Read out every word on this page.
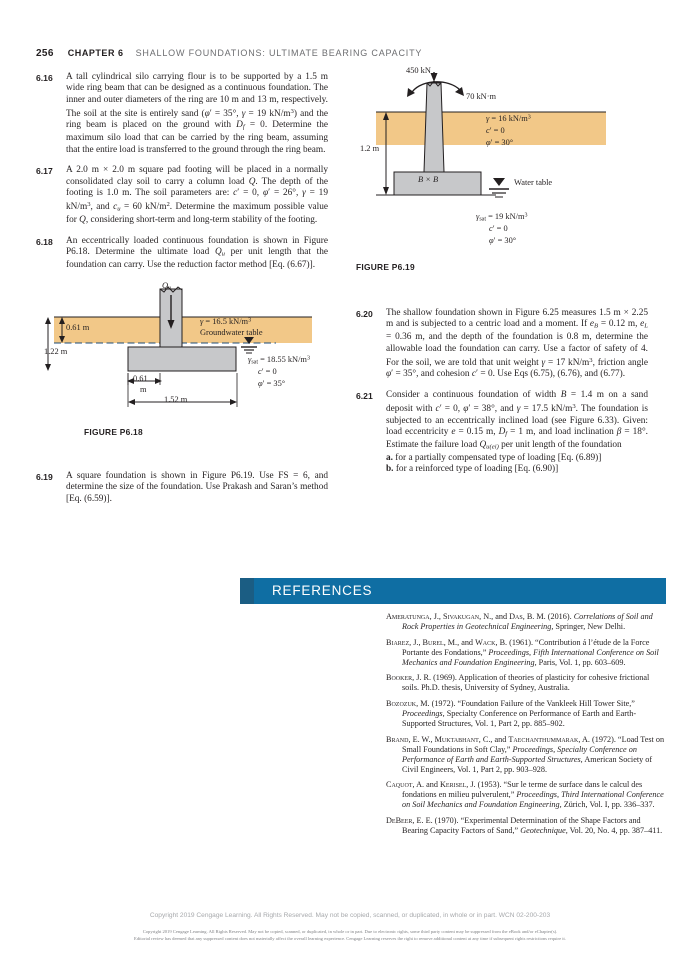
256 CHAPTER 6 SHALLOW FOUNDATIONS: ULTIMATE BEARING CAPACITY
6.16	A tall cylindrical silo carrying flour is to be supported by a 1.5 m wide ring beam that can be designed as a con​tinuous foundation. The inner and outer diameters of the ring are 10 m and 13 m, respectively. The soil at the site is entirely sand (φ′ = 35°, γ = 19 $kN/m^3$) and the ring beam is placed on the ground with $D_f = 0$. Determine the maximum silo load that can be carried by the ring beam, assuming that the entire load is transferred to the ground through the ring beam.
6.17	A 2.0 m × 2.0 m square pad footing will be placed in a nor​mally consolidated clay soil to carry a column load Q. The depth of the footing is 1.0 m. The soil parameters are: c′ = 0, φ′ = 26°, γ = 19 $kN/m^3$, and $c_u = 60$ $kN/m^2$. Determine the maximum possible value for Q, considering short-term and long-term stability of the footing.
6.18	An eccentrically loaded continuous foundation is shown in Figure P6.18. Determine the ultimate load $Q_u$ per unit length that the foundation can carry. Use the reduction factor method [Eq. (6.67)].
$Q_u$
0.61 m
1.22 m
0.61
m
1.52 m
γ = 16.5 $kN/m^3$
Groundwater table
$\gamma_{sat} = 18.55$ $kN/m^3$
c′ = 0
φ′ = 35°
FIGURE P6.18
6.19	A square foundation is shown in Figure P6.19. Use FS = 6, and determine the size of the foundation. Use Prakash and Saran’s method [Eq. (6.59)].
450 kN
70 kN·m
1.2 m
B × B	Water table
γ = 16 $kN/m^3$
c′ = 0
φ′ = 30°
$\gamma_{sat} = 19$ $kN/m^3$
c′ = 0
φ′ = 30°
FIGURE P6.19
6.20	The shallow foundation shown in Figure 6.25 measures 1.5 m × 2.25 m and is subjected to a centric load and a moment. If $e_B = 0.12$ m, $e_L = 0.36$ m, and the depth of the foundation is 0.8 m, determine the allowable load the founda​tion can carry. Use a factor of safety of 4. For the soil, we are told that unit weight γ = 17 $kN/m^3$, friction angle φ′ = 35°, and cohesion c′ = 0. Use Eqs (6.75), (6.76), and (6.77).
6.21	Consider a continuous foundation of width B = 1.4 m on a sand deposit with c′ = 0, φ′ = 38°, and γ = 17.5 $kN/m^3$. The foundation is subjected to an eccentrically inclined load (see Figure 6.33). Given: load eccentricity e = 0.15 m, $D_f = 1$ m, and load inclination β = 18°. Estimate the failure load $Q_{u(ei)}$ per unit length of the foundation
a. for a partially compensated type of loading [Eq. (6.89)]
b. for a reinforced type of loading [Eq. (6.90)]
REFERENCES
Ameratunga, J., Sivakugan, N., and Das, B. M. (2016). Correlations of Soil and Rock Properties in Geotechnical Engineering, Springer, New Delhi.
Biarez, J., Burel, M., and Wack, B. (1961). “Contribution á l’étude de la Force Portante des Fondations,” Proceedings, Fifth International Conference on Soil Mechanics and Foundation Engineering, Paris, Vol. 1, pp. 603–609.
Booker, J. R. (1969). Application of theories of plasticity for cohesive frictional soils. Ph.D. thesis, University of Sydney, Australia.
Bozozuk, M. (1972). “Foundation Failure of the Vankleek Hill Tower Site,” Proceedings, Specialty Conference on Performance of Earth and Earth-Supported Structures, Vol. 1, Part 2, pp. 885–902.
Brand, E. W., Muktabhant, C., and Taechanthummarak, A. (1972). “Load Test on Small Foundations in Soft Clay,” Proceedings, Specialty Conference on Performance of Earth and Earth-Supported Structures, American Society of Civil Engineers, Vol. 1, Part 2, pp. 903–928.
Caquot, A. and Kerisel, J. (1953). “Sur le terme de surface dans le calcul des fondations en milieu pulverulent,” Proceedings, Third International Conference on Soil Mechanics and Foundation Engineering, Zürich, Vol. I, pp. 336–337.
DeBeer, E. E. (1970). “Experimental Determination of the Shape Factors and Bearing Capacity Factors of Sand,” Geotechnique, Vol. 20, No. 4, pp. 387–411.
Copyright 2019 Cengage Learning. All Rights Reserved. May not be copied, scanned, or duplicated, in whole or in part. WCN 02-200-203
Copyright 2019 Cengage Learning. All Rights Reserved. May not be copied, scanned, or duplicated, in whole or in part. Due to electronic rights, some third party content may be suppressed from the eBook and/or eChapter(s).
Editorial review has deemed that any suppressed content does not materially affect the overall learning experience. Cengage Learning reserves the right to remove additional content at any time if subsequent rights restrictions require it.
